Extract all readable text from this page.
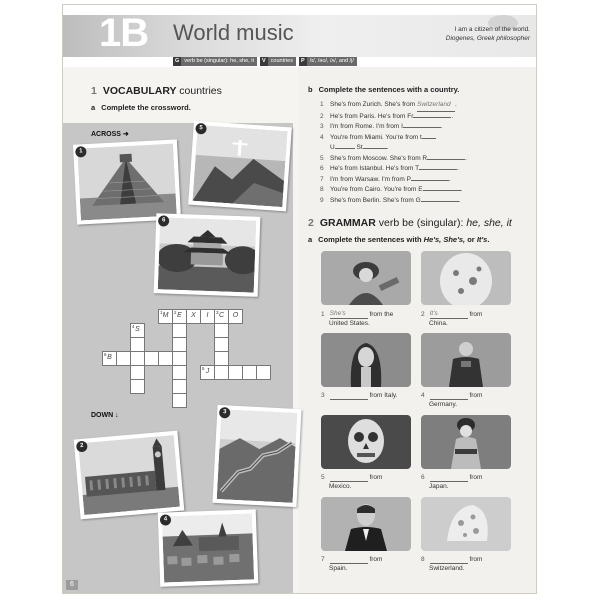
1B World music	I am a citizen of the world.
Diogenes, Greek philosopher
G verb be (singular): he, she, it	V countries	P /ɪ/, /əʊ/, /ʌ/, and /j/
1 VOCABULARY countries
a Complete the crossword.
ACROSS ➜
1
5
6
1 M	2 E	X	I	3 C	O
4 S
6 B
5 J
DOWN ↓
2
3
4
b Complete the sentences with a country.
1 She's from Zurich. She's from Switzerland .
2 He's from Paris. He's from Fr	.
3 I'm from Rome. I'm from I	.
4 You're from Miami. You're from t
U	St	.
5 She's from Moscow. She's from R	.
6 He's from Istanbul. He's from T	.
7 I'm from Warsaw. I'm from P	.
8 You're from Cairo. You're from E	.
9 She's from Berlin. She's from G	.
2 GRAMMAR verb be (singular): he, she, it
a Complete the sentences with He's, She's, or It's.
1 She's	from the
United States.
2 It's	from
China.
3	from Italy.	4	from
Germany.
5	from
Mexico.
6	from
Japan.
7	from
Spain.
8	from
Switzerland.
6
